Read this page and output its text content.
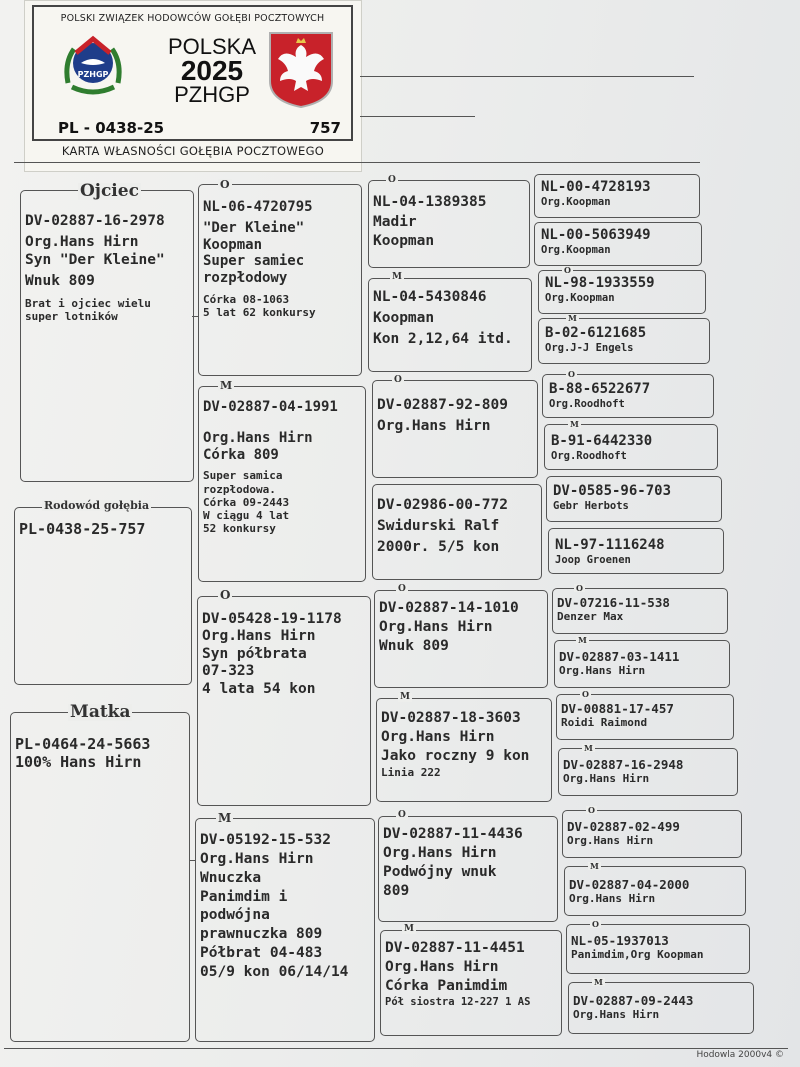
POLSKI ZWIĄZEK HODOWCÓW GOŁĘBI POCZTOWYCH
PZHGP
POLSKA
2025
PZHGP
PL - 0438-25	757
KARTA WŁASNOŚCI GOŁĘBIA POCZTOWEGO
DV-02887-16-2978
Org.Hans Hirn
Syn "Der Kleine"
Wnuk 809
Brat i ojciec wielu
super lotników
Ojciec
PL-0438-25-757
Rodowód gołębia
PL-0464-24-5663
100% Hans Hirn
Matka
NL-06-4720795
"Der Kleine"
Koopman
Super samiec
rozpłodowy
Córka 08-1063
5 lat 62 konkursy
O
DV-02887-04-1991
Org.Hans Hirn
Córka 809
Super samica
rozpłodowa.
Córka 09-2443
W ciągu 4 lat
52 konkursy
M
DV-05428-19-1178
Org.Hans Hirn
Syn półbrata
07-323
4 lata 54 kon
O
DV-05192-15-532
Org.Hans Hirn
Wnuczka
Panimdim i
podwójna
prawnuczka 809
Półbrat 04-483
05/9 kon 06/14/14
M
NL-04-1389385
Madir
Koopman
O
NL-04-5430846
Koopman
Kon 2,12,64 itd.
M
DV-02887-92-809
Org.Hans Hirn
O
DV-02986-00-772
Swidurski Ralf
2000r. 5/5 kon
DV-02887-14-1010
Org.Hans Hirn
Wnuk 809
O
DV-02887-18-3603
Org.Hans Hirn
Jako roczny 9 kon
Linia 222
M
DV-02887-11-4436
Org.Hans Hirn
Podwójny wnuk
809
O
DV-02887-11-4451
Org.Hans Hirn
Córka Panimdim
Pół siostra 12-227 1 AS
M
NL-00-4728193
Org.Koopman
NL-00-5063949
Org.Koopman
NL-98-1933559
Org.Koopman
O
B-02-6121685
Org.J-J Engels
M
B-88-6522677
Org.Roodhoft
O
B-91-6442330
Org.Roodhoft
M
DV-0585-96-703
Gebr Herbots
NL-97-1116248
Joop Groenen
DV-07216-11-538
Denzer Max
O
DV-02887-03-1411
Org.Hans Hirn
M
DV-00881-17-457
Roidi Raimond
O
DV-02887-16-2948
Org.Hans Hirn
M
DV-02887-02-499
Org.Hans Hirn
O
DV-02887-04-2000
Org.Hans Hirn
M
NL-05-1937013
Panimdim,Org Koopman
O
DV-02887-09-2443
Org.Hans Hirn
M
Hodowla 2000v4 ©
